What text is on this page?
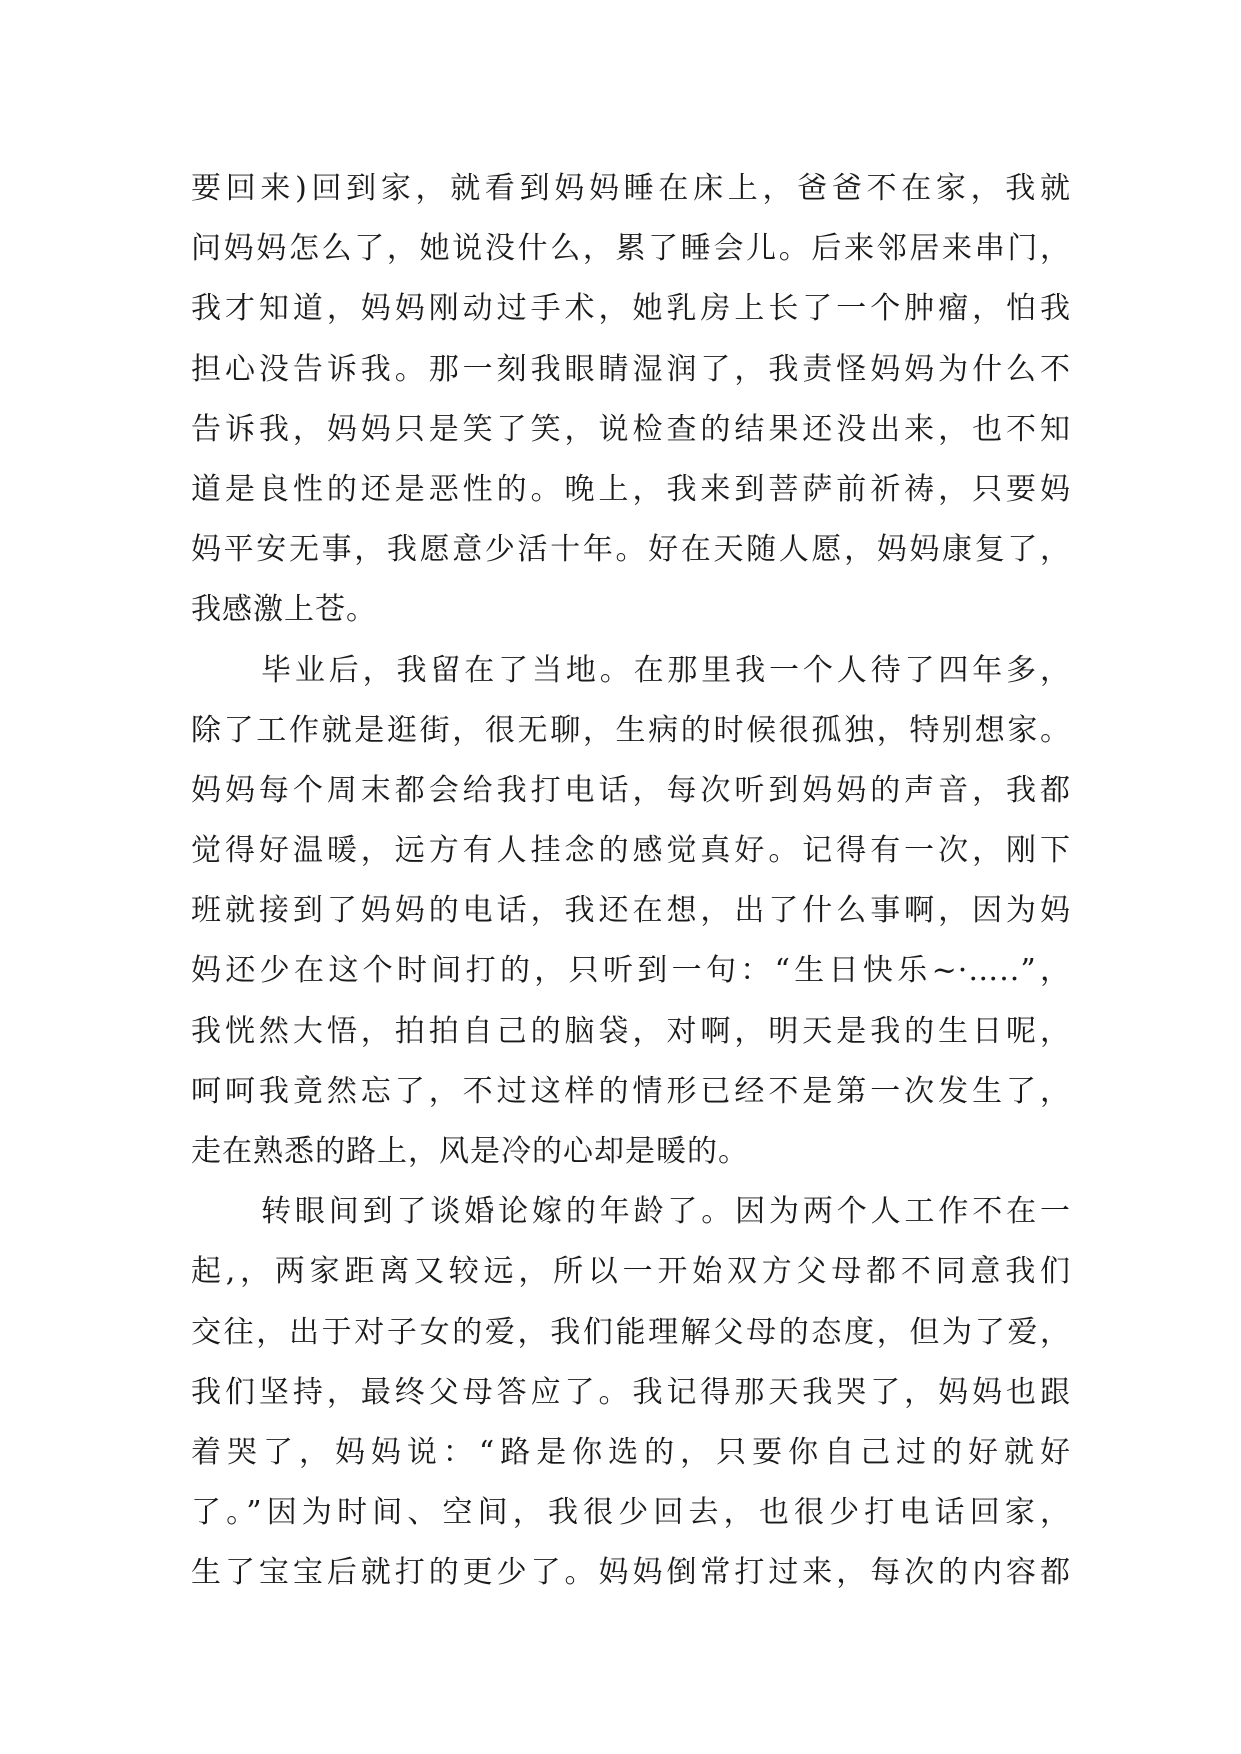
要回来)回到家，就看到妈妈睡在床上，爸爸不在家，我就
问妈妈怎么了，她说没什么，累了睡会儿。后来邻居来串门，
我才知道，妈妈刚动过手术，她乳房上长了一个肿瘤，怕我
担心没告诉我。那一刻我眼睛湿润了，我责怪妈妈为什么不
告诉我，妈妈只是笑了笑，说检查的结果还没出来，也不知
道是良性的还是恶性的。晚上，我来到菩萨前祈祷，只要妈
妈平安无事，我愿意少活十年。好在天随人愿，妈妈康复了，
我感激上苍。
毕业后，我留在了当地。在那里我一个人待了四年多，
除了工作就是逛街，很无聊，生病的时候很孤独，特别想家。
妈妈每个周末都会给我打电话，每次听到妈妈的声音，我都
觉得好温暖，远方有人挂念的感觉真好。记得有一次，刚下
班就接到了妈妈的电话，我还在想，出了什么事啊，因为妈
妈还少在这个时间打的，只听到一句：“生日快乐~·…..”，
我恍然大悟，拍拍自己的脑袋，对啊，明天是我的生日呢，
呵呵我竟然忘了，不过这样的情形已经不是第一次发生了，
走在熟悉的路上，风是冷的心却是暖的。
转眼间到了谈婚论嫁的年龄了。因为两个人工作不在一
起,，两家距离又较远，所以一开始双方父母都不同意我们
交往，出于对子女的爱，我们能理解父母的态度，但为了爱，
我们坚持，最终父母答应了。我记得那天我哭了，妈妈也跟
着哭了，妈妈说：“路是你选的，只要你自己过的好就好
了。”因为时间、空间，我很少回去，也很少打电话回家，
生了宝宝后就打的更少了。妈妈倒常打过来，每次的内容都
